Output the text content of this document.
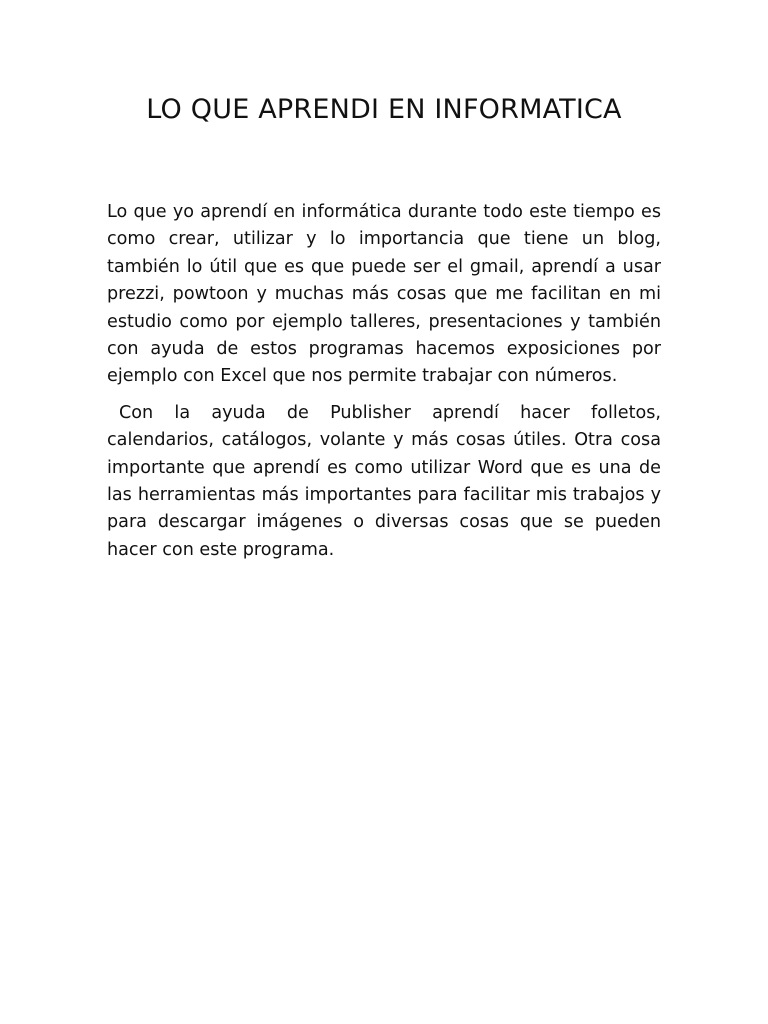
LO QUE APRENDI EN INFORMATICA

Lo que yo aprendí en informática durante todo este tiempo es como crear, utilizar y lo importancia que tiene un blog, también lo útil que es que puede ser el gmail, aprendí a usar prezzi, powtoon y muchas más cosas que me facilitan en mi estudio como por ejemplo talleres, presentaciones y también con ayuda de estos programas hacemos exposiciones por ejemplo con Excel que nos permite trabajar con números.

Con la ayuda de Publisher aprendí hacer folletos, calendarios, catálogos, volante y más cosas útiles. Otra cosa importante que aprendí es como utilizar Word que es una de las herramientas más importantes para facilitar mis trabajos y para descargar imágenes o diversas cosas que se pueden hacer con este programa.
